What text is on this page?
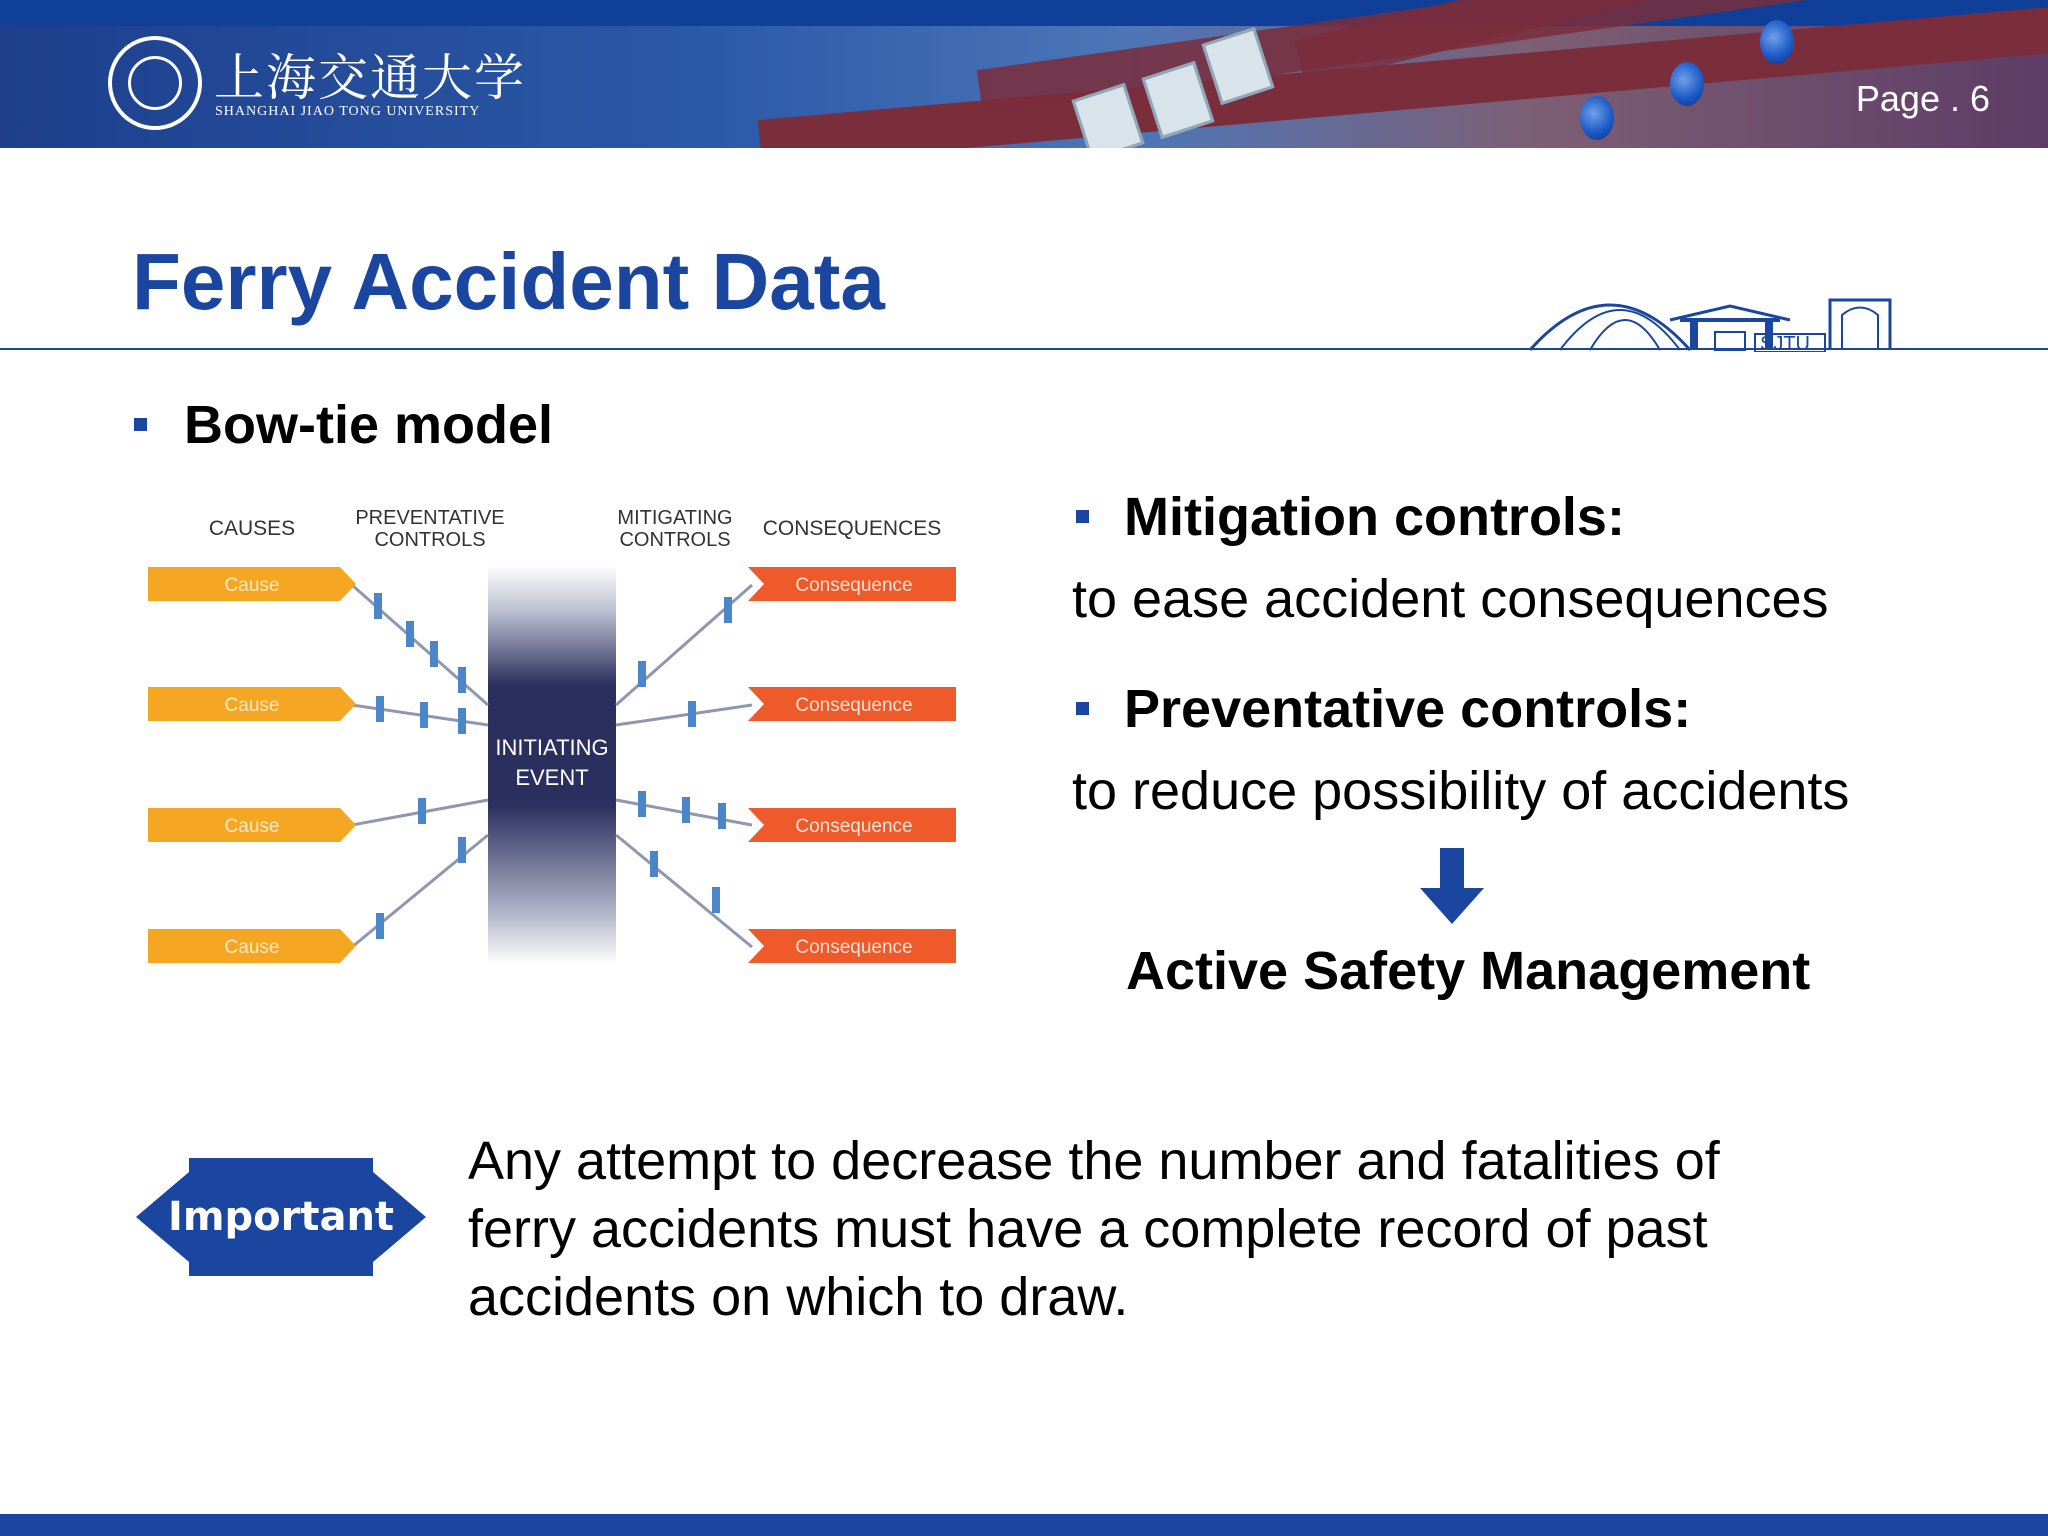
上海交通大学
SHANGHAI JIAO TONG UNIVERSITY	Page . 6
Ferry Accident Data
SJTU
Bow-tie model
CAUSES	PREVENTATIVE
CONTROLS
MITIGATING
CONTROLS CONSEQUENCES
INITIATING
EVENT
Cause
Cause
Cause
Cause
Consequence
Consequence
Consequence
Consequence
Mitigation controls:
to ease accident consequences
Preventative controls:
to reduce possibility of accidents
Active Safety Management
Important
Any attempt to decrease the number and fatalities of
ferry accidents must have a complete record of past
accidents on which to draw.
